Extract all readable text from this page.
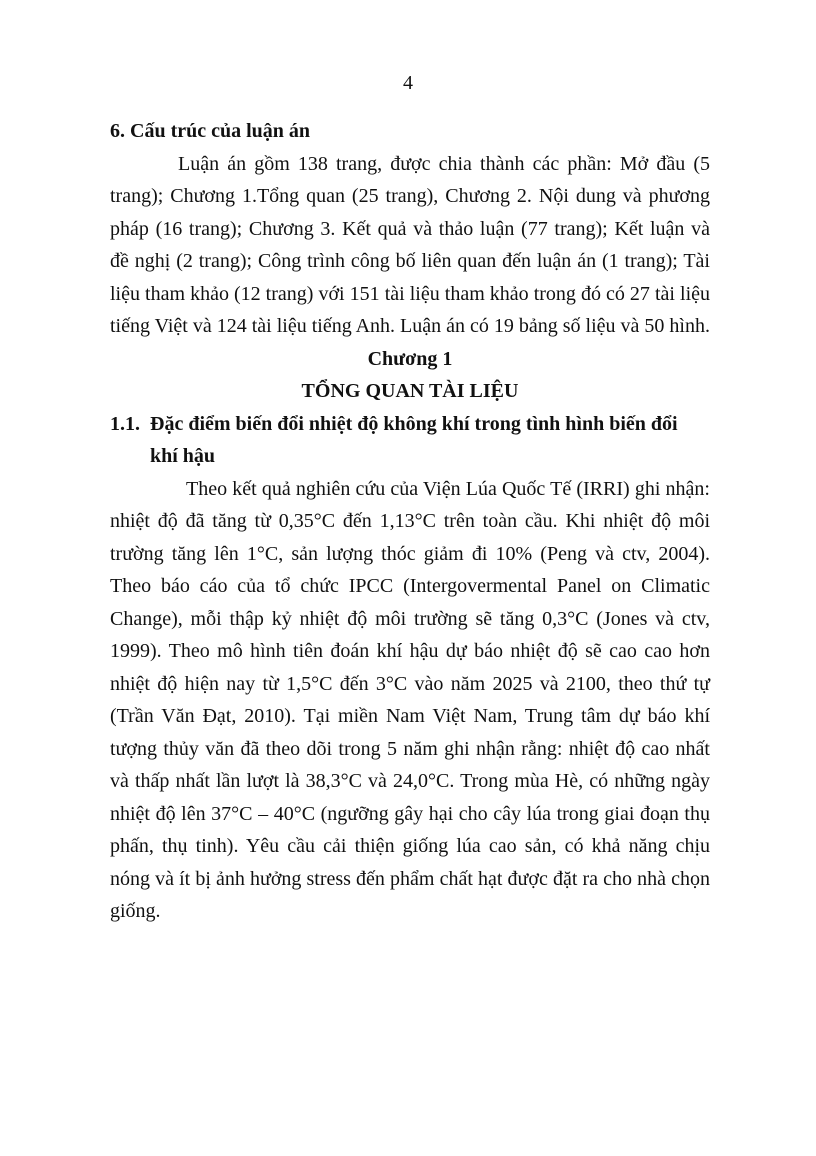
4

6. Cấu trúc của luận án

Luận án gồm 138 trang, được chia thành các phần: Mở đầu (5 trang); Chương 1.Tổng quan (25 trang), Chương 2. Nội dung và phương pháp (16 trang); Chương 3. Kết quả và thảo luận (77 trang); Kết luận và đề nghị (2 trang); Công trình công bố liên quan đến luận án (1 trang); Tài liệu tham khảo (12 trang) với 151 tài liệu tham khảo trong đó có 27 tài liệu tiếng Việt và 124 tài liệu tiếng Anh. Luận án có 19 bảng số liệu và 50 hình.

Chương 1

TỔNG QUAN TÀI LIỆU

1.1. Đặc điểm biến đổi nhiệt độ không khí trong tình hình biến đổi khí hậu

Theo kết quả nghiên cứu của Viện Lúa Quốc Tế (IRRI) ghi nhận: nhiệt độ đã tăng từ 0,35°C đến 1,13°C trên toàn cầu. Khi nhiệt độ môi trường tăng lên 1°C, sản lượng thóc giảm đi 10% (Peng và ctv, 2004). Theo báo cáo của tổ chức IPCC (Intergovermental Panel on Climatic Change), mỗi thập kỷ nhiệt độ môi trường sẽ tăng 0,3°C (Jones và ctv, 1999). Theo mô hình tiên đoán khí hậu dự báo nhiệt độ sẽ cao cao hơn nhiệt độ hiện nay từ 1,5°C đến 3°C vào năm 2025 và 2100, theo thứ tự (Trần Văn Đạt, 2010). Tại miền Nam Việt Nam, Trung tâm dự báo khí tượng thủy văn đã theo dõi trong 5 năm ghi nhận rằng: nhiệt độ cao nhất và thấp nhất lần lượt là 38,3°C và 24,0°C. Trong mùa Hè, có những ngày nhiệt độ lên 37°C – 40°C (ngưỡng gây hại cho cây lúa trong giai đoạn thụ phấn, thụ tinh). Yêu cầu cải thiện giống lúa cao sản, có khả năng chịu nóng và ít bị ảnh hưởng stress đến phẩm chất hạt được đặt ra cho nhà chọn giống.
